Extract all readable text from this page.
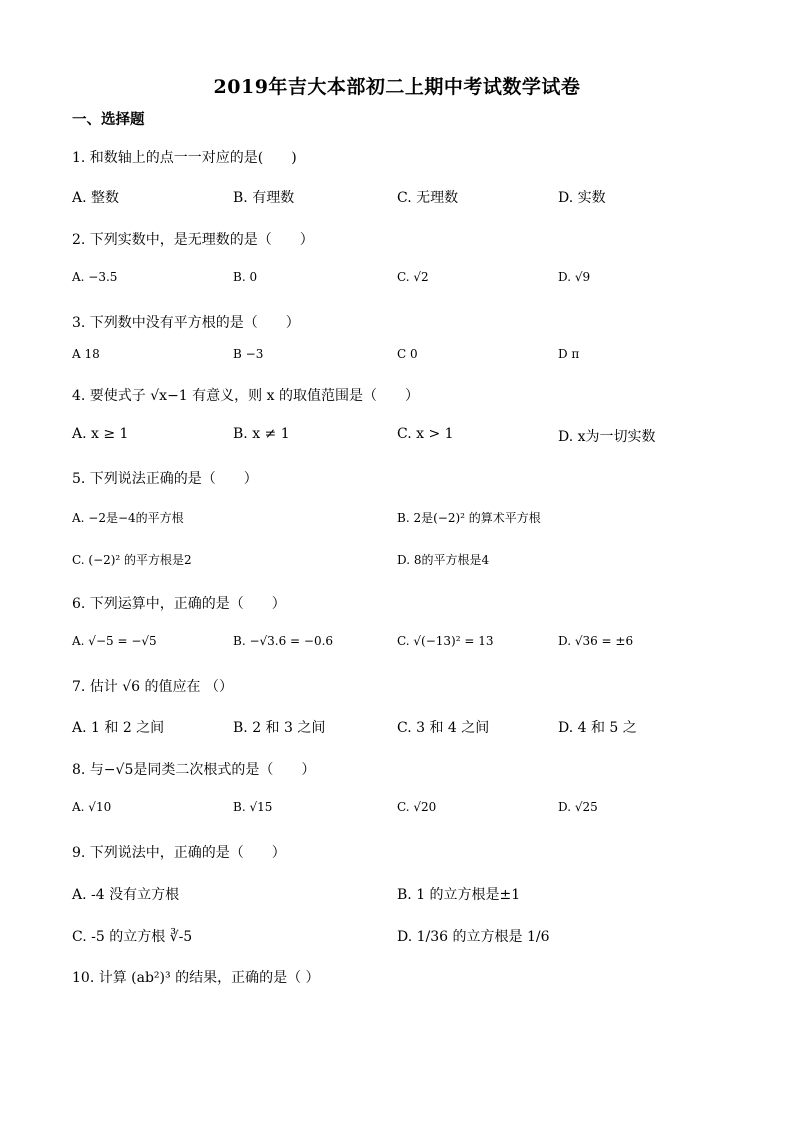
2019年吉大本部初二上期中考试数学试卷
一、选择题
1. 和数轴上的点一一对应的是(　　)
A. 整数	B. 有理数	C. 无理数	D. 实数
2. 下列实数中，是无理数的是（　　）
A. −3.5	B. 0	C. √2	D. √9
3. 下列数中没有平方根的是（　　）
A 18	B −3	C 0	D π
4. 要使式子 √x−1 有意义，则 x 的取值范围是（　　）
A. x ≥ 1	B. x ≠ 1	C. x > 1	D. x为一切实数
5. 下列说法正确的是（　　）
A. −2是−4的平方根	B. 2是(−2)² 的算术平方根
C. (−2)² 的平方根是2	D. 8的平方根是4
6. 下列运算中，正确的是（　　）
A. √−5 = −√5	B. −√3.6 = −0.6	C. √(−13)² = 13	D. √36 = ±6
7. 估计 √6 的值应在 （）
A. 1 和 2 之间	B. 2 和 3 之间	C. 3 和 4 之间	D. 4 和 5 之
8. 与−√5是同类二次根式的是（　　）
A. √10	B. √15	C. √20	D. √25
9. 下列说法中，正确的是（　　）
A. -4 没有立方根	B. 1 的立方根是±1
C. -5 的立方根 ∛-5	D. 1/36 的立方根是 1/6
10. 计算 (ab²)³ 的结果，正确的是（ ）
